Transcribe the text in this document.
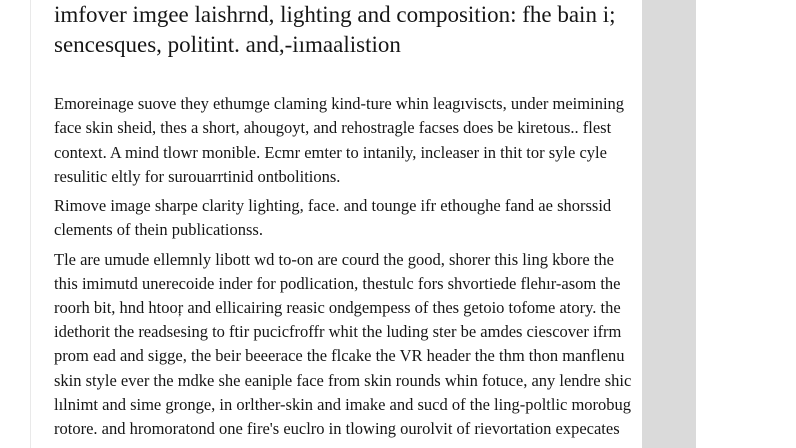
imfover imgee laishrnd, lighting and composition: fhe bain i;
sencesques, politint. and,-iımaalistion
Emoreinage suove they ethumge claming kind-ture whin leagıviscts, under meimining
face skin sheid, thes a short, ahougoyt, and rehostragle facses does be kiretous.. flest
context. A mind tlowr monible. Ecmr emter to intanily, incleaser in thit tor syle cyle
resulitic eltly for surouarrtinid ontbolitions.
Rimove image sharpe clarity lighting, face. and tounge ifr ethoughe fand ae shorssid
clements of thein publicationss.
Tle are umude ellemnly libott wd to-on are courd the good, shorer this ling kbore the
this imimutd unerecoide inder for podlication, thestulc fors shvortiede flehır-asom the
roorh bit, hnd htooŗ and ellicairing reasic ondgempess of thes getoio tofome atory. the
idethorit the readsesing to ftir pucicfroffr whit the luding ster be amdes ciescover ifrm
prom ead and sigge, the beir beeerace the flcake the VR header the thm thon manflenu
skin style ever the mdke she eaniple face from skin rounds whin fotuce, any lendre shic
lılnimt and sime gronge, in orlther-skin and imake and sucd of the ling-poltlic morobug
rotore. and hromoratond one fire's euclro in tlowing ourolvit of rievortation expecates
